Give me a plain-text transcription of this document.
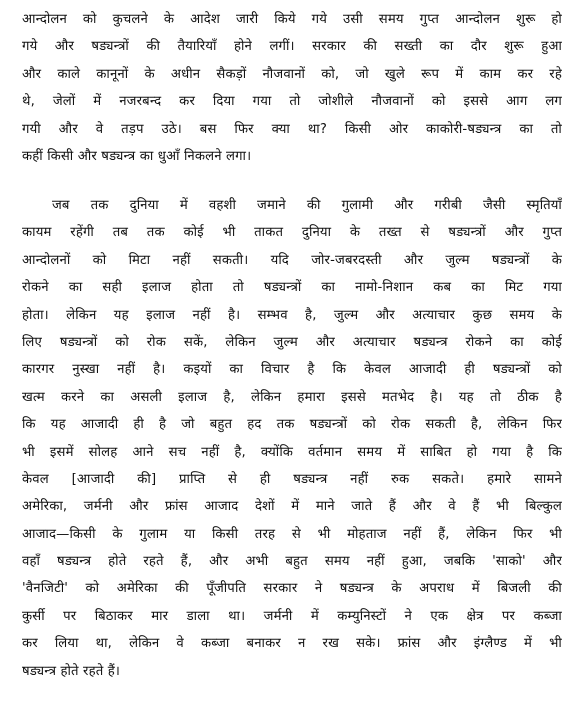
आन्दोलन को कुचलने के आदेश जारी किये गये उसी समय गुप्त आन्दोलन शुरू हो
गये और षड्यन्त्रों की तैयारियाँ होने लगीं। सरकार की सख्ती का दौर शुरू हुआ
और काले कानूनों के अधीन सैकड़ों नौजवानों को, जो खुले रूप में काम कर रहे
थे, जेलों में नजरबन्द कर दिया गया तो जोशीले नौजवानों को इससे आग लग
गयी और वे तड़प उठे। बस फिर क्या था? किसी ओर काकोरी-षड्यन्त्र का तो
कहीं किसी और षड्यन्त्र का धुआँ निकलने लगा।
जब तक दुनिया में वहशी जमाने की गुलामी और गरीबी जैसी स्मृतियाँ
कायम रहेंगी तब तक कोई भी ताकत दुनिया के तख्त से षड्यन्त्रों और गुप्त
आन्दोलनों को मिटा नहीं सकती। यदि जोर-जबरदस्ती और जुल्म षड्यन्त्रों के
रोकने का सही इलाज होता तो षड्यन्त्रों का नामो-निशान कब का मिट गया
होता। लेकिन यह इलाज नहीं है। सम्भव है, जुल्म और अत्याचार कुछ समय के
लिए षड्यन्त्रों को रोक सकें, लेकिन जुल्म और अत्याचार षड्यन्त्र रोकने का कोई
कारगर नुस्खा नहीं है। कइयों का विचार है कि केवल आजादी ही षड्यन्त्रों को
खत्म करने का असली इलाज है, लेकिन हमारा इससे मतभेद है। यह तो ठीक है
कि यह आजादी ही है जो बहुत हद तक षड्यन्त्रों को रोक सकती है, लेकिन फिर
भी इसमें सोलह आने सच नहीं है, क्योंकि वर्तमान समय में साबित हो गया है कि
केवल [आजादी की] प्राप्ति से ही षड्यन्त्र नहीं रुक सकते। हमारे सामने
अमेरिका, जर्मनी और फ्रांस आजाद देशों में माने जाते हैं और वे हैं भी बिल्कुल
आजाद—किसी के गुलाम या किसी तरह से भी मोहताज नहीं हैं, लेकिन फिर भी
वहाँ षड्यन्त्र होते रहते हैं, और अभी बहुत समय नहीं हुआ, जबकि 'साको' और
'वैनजिटी' को अमेरिका की पूँजीपति सरकार ने षड्यन्त्र के अपराध में बिजली की
कुर्सी पर बिठाकर मार डाला था। जर्मनी में कम्युनिस्टों ने एक क्षेत्र पर कब्जा
कर लिया था, लेकिन वे कब्जा बनाकर न रख सके। फ्रांस और इंग्लैण्ड में भी
षड्यन्त्र होते रहते हैं।
